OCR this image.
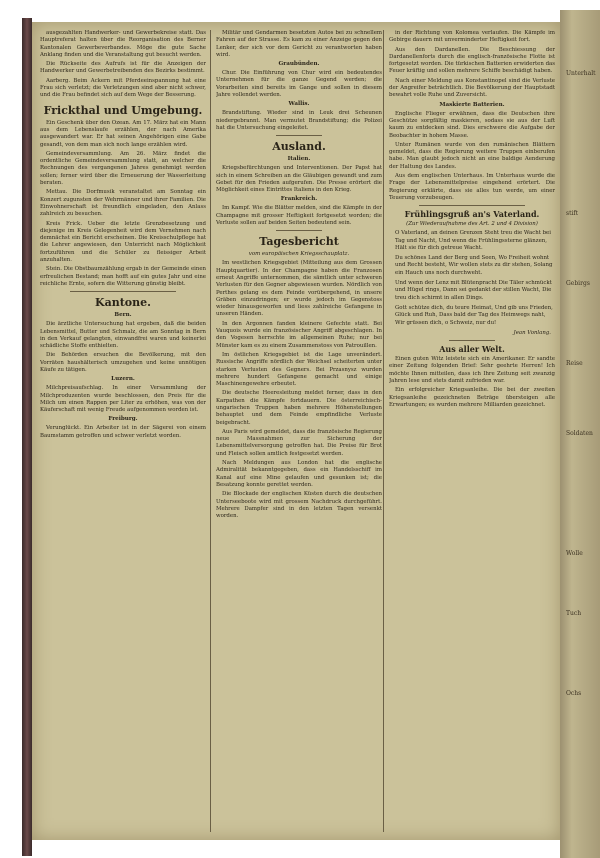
ausgezahlten Handwerker- und Gewerbekreise statt. Das Hauptreferat halten über die Reorganisation des Berner Kantonalen Gewerbeverbandes. Möge die gute Sache Anklang finden und die Veranstaltung gut besucht werden.

Die Rückseite des Aufrufs ist für die Anzeigen der Handwerker und Gewerbetreibenden des Bezirks bestimmt.

Aarberg. Beim Ackern mit Pferdeeinspannung hat eine Frau sich verletzt; die Verletzungen sind aber nicht schwer, und die Frau befindet sich auf dem Wege der Besserung.

Frickthal und Umgebung.

Ein Geschenk über den Ozean. Am 17. März hat ein Mann aus dem Lebenslaufe erzählen, der nach Amerika ausgewandert war. Er hat seinen Angehörigen eine Gabe gesandt, von dem man sich noch lange erzählen wird.

Gemeindeversammlung. Am 26. März findet die ordentliche Gemeindeversammlung statt, an welcher die Rechnungen des vergangenen Jahres genehmigt werden sollen; ferner wird über die Erneuerung der Wasserleitung beraten.

Mettau. Die Dorfmusik veranstaltet am Sonntag ein Konzert zugunsten der Wehrmänner und ihrer Familien. Die Einwohnerschaft ist freundlich eingeladen, den Anlass zahlreich zu besuchen.

Kreis Frick. Ueber die letzte Grenzbesetzung und diejenige im Kreis Gelegenheit wird dem Vernehmen nach demnächst ein Bericht erscheinen. Die Kreisschulpflege hat die Lehrer angewiesen, den Unterricht nach Möglichkeit fortzuführen und die Schüler zu fleissiger Arbeit anzuhalten.

Stein. Die Obstbaumzählung ergab in der Gemeinde einen erfreulichen Bestand; man hofft auf ein gutes Jahr und eine reichliche Ernte, sofern die Witterung günstig bleibt.

Kantone.
Bern.

Die ärztliche Untersuchung hat ergeben, daß die beiden Lebensmittel, Butter und Schmalz, die am Sonntag in Bern in den Verkauf gelangten, einwandfrei waren und keinerlei schädliche Stoffe enthielten.

Die Behörden ersuchen die Bevölkerung, mit den Vorräten haushälterisch umzugehen und keine unnötigen Käufe zu tätigen.

Luzern.

Milchpreisaufschlag. In einer Versammlung der Milchproduzenten wurde beschlossen, den Preis für die Milch um einen Rappen per Liter zu erhöhen, was von der Käuferschaft mit wenig Freude aufgenommen worden ist.

Freiburg.

Verunglückt. Ein Arbeiter ist in der Sägerei von einem Baumstamm getroffen und schwer verletzt worden.

Militär und Gendarmen besetzten Autos bei zu schnellem Fahren auf der Strasse. Es kam zu einer Anzeige gegen den Lenker, der sich vor dem Gericht zu verantworten haben wird.

Graubünden.

Chur. Die Einführung von Chur wird ein bedeutendes Unternehmen für die ganze Gegend werden; die Vorarbeiten sind bereits im Gange und sollen in diesem Jahre vollendet werden.

Wallis.

Brandstiftung. Wieder sind in Leuk drei Scheunen niedergebrannt. Man vermutet Brandstiftung; die Polizei hat die Untersuchung eingeleitet.

Ausland.
Italien.

Kriegsbefürchtungen und Interventionen. Der Papst hat sich in einem Schreiben an die Gläubigen gewandt und zum Gebet für den Frieden aufgerufen. Die Presse erörtert die Möglichkeit eines Eintrittes Italiens in den Krieg.

Frankreich.

Im Kampf. Wie die Blätter melden, sind die Kämpfe in der Champagne mit grosser Heftigkeit fortgesetzt worden; die Verluste sollen auf beiden Seiten bedeutend sein.

Tagesbericht
vom europäischen Kriegsschauplatz.

Im westlichen Kriegsgebiet (Mitteilung aus dem Grossen Hauptquartier). In der Champagne haben die Franzosen erneut Angriffe unternommen, die sämtlich unter schweren Verlusten für den Gegner abgewiesen wurden. Nördlich von Perthes gelang es dem Feinde vorübergehend, in unsere Gräben einzudringen; er wurde jedoch im Gegenstoss wieder hinausgeworfen und liess zahlreiche Gefangene in unseren Händen.

In den Argonnen fanden kleinere Gefechte statt. Bei Vauquois wurde ein französischer Angriff abgeschlagen. In den Vogesen herrschte im allgemeinen Ruhe; nur bei Münster kam es zu einem Zusammenstoss von Patrouillen.

Im östlichen Kriegsgebiet ist die Lage unverändert. Russische Angriffe nördlich der Weichsel scheiterten unter starken Verlusten des Gegners. Bei Przasnysz wurden mehrere hundert Gefangene gemacht und einige Maschinengewehre erbeutet.

Die deutsche Heeresleitung meldet ferner, dass in den Karpathen die Kämpfe fortdauern. Die österreichisch-ungarischen Truppen haben mehrere Höhenstellungen behauptet und dem Feinde empfindliche Verluste beigebracht.

Aus Paris wird gemeldet, dass die französische Regierung neue Massnahmen zur Sicherung der Lebensmittelversorgung getroffen hat. Die Preise für Brot und Fleisch sollen amtlich festgesetzt werden.

Nach Meldungen aus London hat die englische Admiralität bekanntgegeben, dass ein Handelsschiff im Kanal auf eine Mine gelaufen und gesunken ist; die Besatzung konnte gerettet werden.

Die Blockade der englischen Küsten durch die deutschen Unterseeboote wird mit grossem Nachdruck durchgeführt. Mehrere Dampfer sind in den letzten Tagen versenkt worden.

in der Richtung von Kolomea verlaufen. Die Kämpfe im Gebirge dauern mit unverminderter Heftigkeit fort.

Aus den Dardanellen. Die Beschiessung der Dardanellenforts durch die englisch-französische Flotte ist fortgesetzt worden. Die türkischen Batterien erwiderten das Feuer kräftig und sollen mehrere Schiffe beschädigt haben.

Nach einer Meldung aus Konstantinopel sind die Verluste der Angreifer beträchtlich. Die Bevölkerung der Hauptstadt bewahrt volle Ruhe und Zuversicht.

Maskierte Batterien.

Englische Flieger erwähnen, dass die Deutschen ihre Geschütze sorgfältig maskieren, sodass sie aus der Luft kaum zu entdecken sind. Dies erschwere die Aufgabe der Beobachter in hohem Masse.

Unter Rumänen wurde von den rumänischen Blättern gemeldet, dass die Regierung weitere Truppen einberufen habe. Man glaubt jedoch nicht an eine baldige Aenderung der Haltung des Landes.

Aus dem englischen Unterhaus. Im Unterhaus wurde die Frage der Lebensmittelpreise eingehend erörtert. Die Regierung erklärte, dass sie alles tun werde, um einer Teuerung vorzubeugen.

Frühlingsgruß an's Vaterland.
(Zur Wiederaufnahme des Art. 2 und 4 Division)

O Vaterland, an deinen Grenzen Steht treu die Wacht bei Tag und Nacht, Und wenn die Frühlingssterne glänzen, Hält sie für dich getreue Wacht.

Du schönes Land der Berg und Seen, Wo Freiheit wohnt und Recht besteht, Wir wollen stets zu dir stehen, Solang ein Hauch uns noch durchweht.

Und wenn der Lenz mit Blütenpracht Die Täler schmückt und Hügel rings, Dann sei gedankt der stillen Wacht, Die treu dich schirmt in allen Dings.

Gott schütze dich, du teure Heimat, Und gib uns Frieden, Glück und Ruh, Dass bald der Tag des Heimwegs naht, Wir grüssen dich, o Schweiz, nur du!

Jean Vonlang.
Aus aller Welt.

Einen guten Witz leistete sich ein Amerikaner. Er sandte einer Zeitung folgenden Brief: Sehr geehrte Herren! Ich möchte Ihnen mitteilen, dass ich Ihre Zeitung seit zwanzig Jahren lese und stets damit zufrieden war.

Ein erfolgreicher Kriegsanleihe. Die bei der zweiten Kriegsanleihe gezeichneten Beträge übersteigen alle Erwartungen; es wurden mehrere Milliarden gezeichnet.

Unterhalt
stift
Gebirgs
Reise
Soldaten
Wolle
Tuch
Ochs
